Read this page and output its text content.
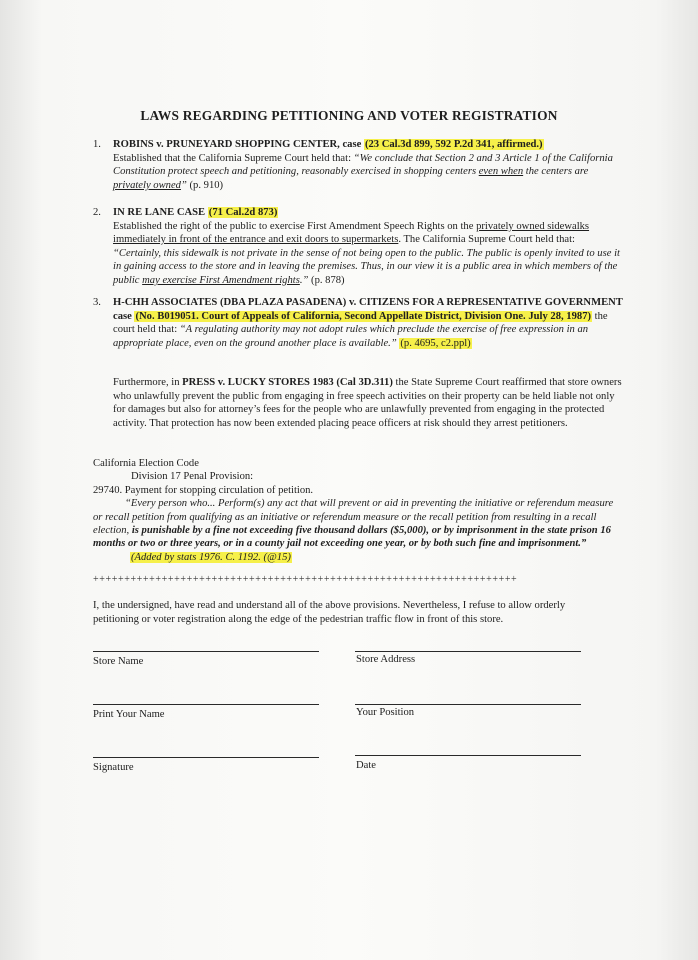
LAWS REGARDING PETITIONING AND VOTER REGISTRATION
1. ROBINS v. PRUNEYARD SHOPPING CENTER, case (23 Cal.3d 899, 592 P.2d 341, affirmed.)
Established that the California Supreme Court held that: “We conclude that Section 2 and 3 Article 1 of the California Constitution protect speech and petitioning, reasonably exercised in shopping centers even when the centers are privately owned” (p. 910)
2. IN RE LANE CASE (71 Cal.2d 873)
Established the right of the public to exercise First Amendment Speech Rights on the privately owned sidewalks immediately in front of the entrance and exit doors to supermarkets. The California Supreme Court held that: “Certainly, this sidewalk is not private in the sense of not being open to the public. The public is openly invited to use it in gaining access to the store and in leaving the premises. Thus, in our view it is a public area in which members of the public may exercise First Amendment rights.” (p. 878)
3. H-CHH ASSOCIATES (DBA PLAZA PASADENA) v. CITIZENS FOR A REPRESENTATIVE GOVERNMENT case (No. B019051. Court of Appeals of California, Second Appellate District, Division One. July 28, 1987) the court held that: “A regulating authority may not adopt rules which preclude the exercise of free expression in an appropriate place, even on the ground another place is available.” (p. 4695, c2.ppl)
Furthermore, in PRESS v. LUCKY STORES 1983 (Cal 3D.311) the State Supreme Court reaffirmed that store owners who unlawfully prevent the public from engaging in free speech activities on their property can be held liable not only for damages but also for attorney’s fees for the people who are unlawfully prevented from engaging in the protected activity. That protection has now been extended placing peace officers at risk should they arrest petitioners.
California Election Code
Division 17 Penal Provision:
29740. Payment for stopping circulation of petition.
“Every person who... Perform(s) any act that will prevent or aid in preventing the initiative or referendum measure or recall petition from qualifying as an initiative or referendum measure or the recall petition from resulting in a recall election, is punishable by a fine not exceeding five thousand dollars ($5,000), or by imprisonment in the state prison 16 months or two or three years, or in a county jail not exceeding one year, or by both such fine and imprisonment.”
(Added by stats 1976. C. 1192. (@15)
++++++++++++++++++++++++++++++++++++++++++++++++++++++++++++++++++++
I, the undersigned, have read and understand all of the above provisions. Nevertheless, I refuse to allow orderly petitioning or voter registration along the edge of the pedestrian traffic flow in front of this store.
Store Name	Store Address
Print Your Name	Your Position
Signature	Date
